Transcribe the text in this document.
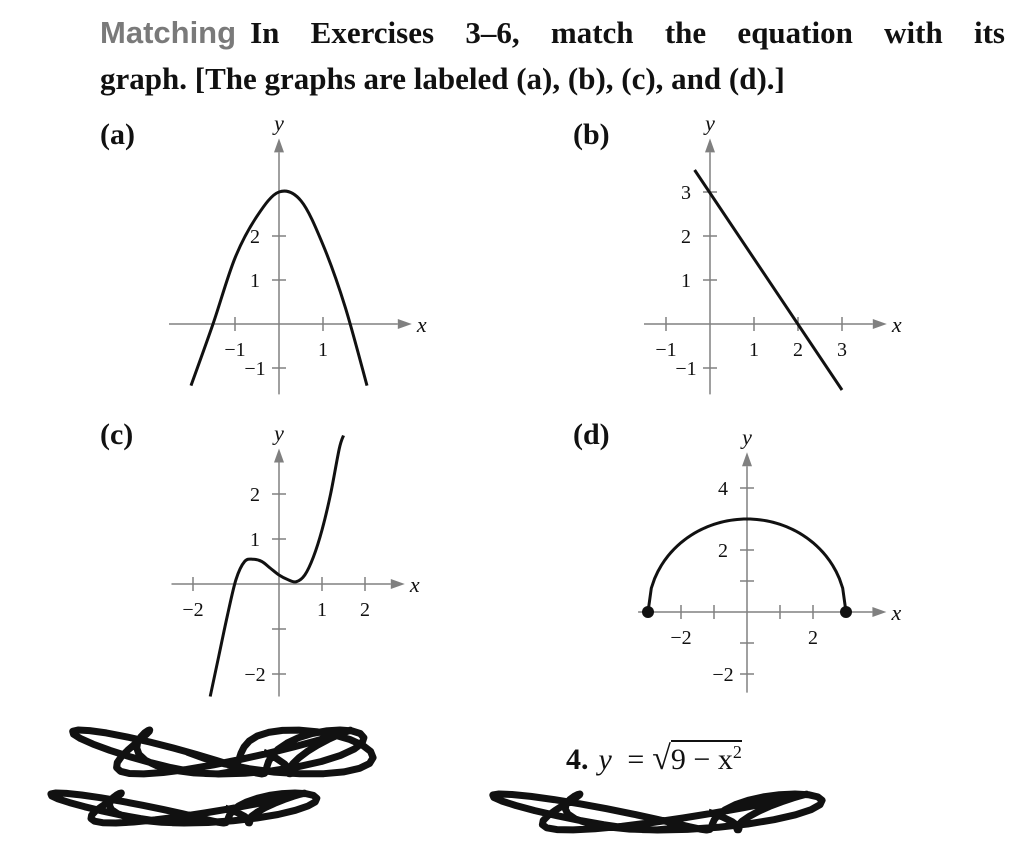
Matching In Exercises 3–6, match the equation with its
graph. [The graphs are labeled (a), (b), (c), and (d).]
(a)	(b)
(c)	(d)
x
y
−1	1
−1
1
2
x
y
−1	1 2 3
−1
1
2
3
x
y
−2	1 2
−2
1
2
x
y
−2	2
−2
2
4
4. $y = √9 - x^2$
